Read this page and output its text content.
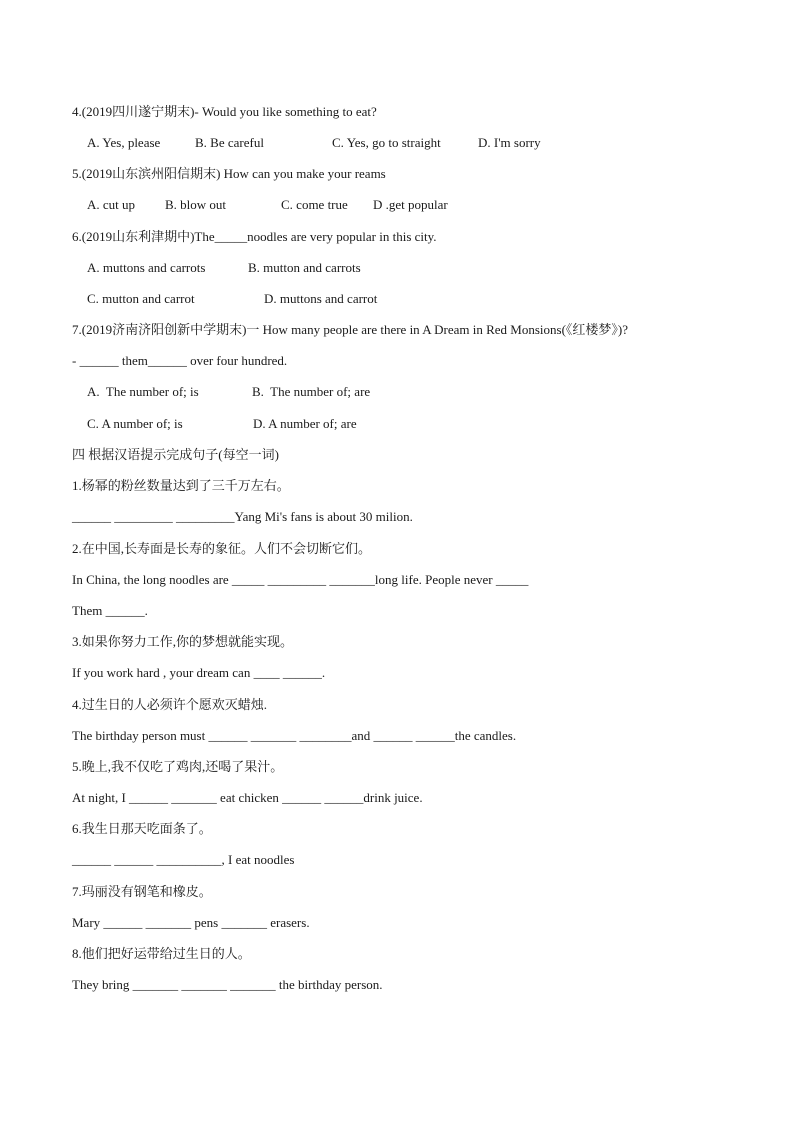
4.(2019四川遂宁期末)- Would you like something to eat?
A. Yes, please	B. Be careful	C. Yes, go to straight	D. I'm sorry
5.(2019山东滨州阳信期末) How can you make your reams
A. cut up B. blow out	C. come true D .get popular
6.(2019山东利津期中)The_____noodles are very popular in this city.
A. muttons and carrots	B. mutton and carrots
C. mutton and carrot	D. muttons and carrot
7.(2019济南济阳创新中学期末)一 How many people are there in A Dream in Red Monsions(《红楼梦》)?
- ______ them______ over four hundred.
A.  The number of; is	B.  The number of; are
C. A number of; is	D. A number of; are
四 根据汉语提示完成句子(每空一词)
1.杨幂的粉丝数量达到了三千万左右。
______ _________ _________Yang Mi's fans is about 30 milion.
2.在中国,长寿面是长寿的象征。人们不会切断它们。
In China, the long noodles are _____ _________ _______long life. People never _____
Them ______.
3.如果你努力工作,你的梦想就能实现。
If you work hard , your dream can ____ ______.
4.过生日的人必须许个愿欢灭蜡烛.
The birthday person must ______ _______ ________and ______ ______the candles.
5.晚上,我不仅吃了鸡肉,还喝了果汁。
At night, I ______ _______ eat chicken ______ ______drink juice.
6.我生日那天吃面条了。
______ ______ __________, I eat noodles
7.玛丽没有钢笔和橡皮。
Mary ______ _______ pens _______ erasers.
8.他们把好运带给过生日的人。
They bring _______ _______ _______ the birthday person.
